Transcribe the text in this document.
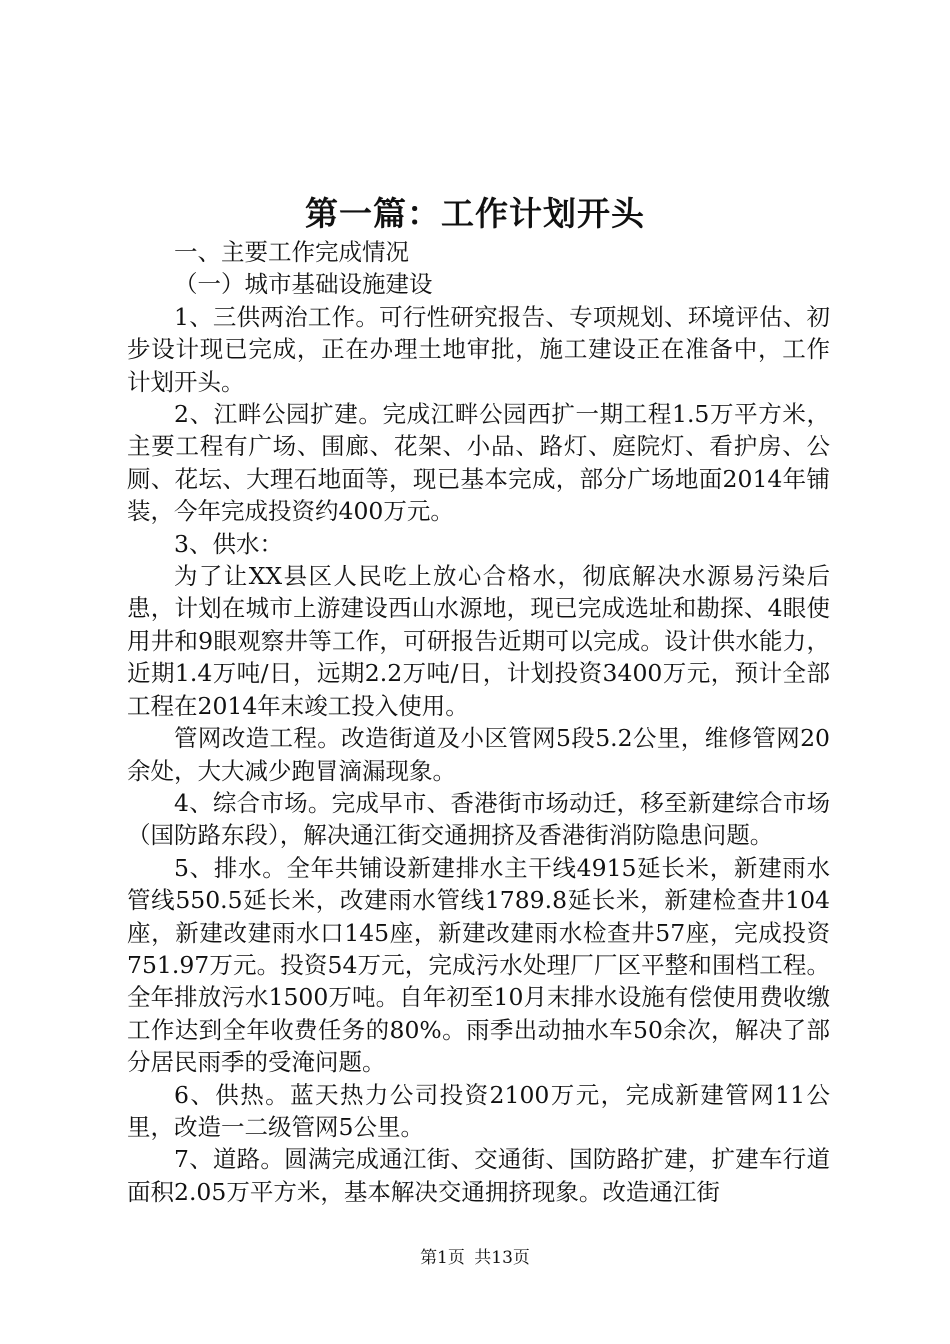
第一篇：工作计划开头

一、主要工作完成情况

（一）城市基础设施建设

1、三供两治工作。可行性研究报告、专项规划、环境评估、初步设计现已完成，正在办理土地审批，施工建设正在准备中，工作计划开头。

2、江畔公园扩建。完成江畔公园西扩一期工程1.5万平方米，主要工程有广场、围廊、花架、小品、路灯、庭院灯、看护房、公厕、花坛、大理石地面等，现已基本完成，部分广场地面2014年铺装，今年完成投资约400万元。

3、供水：

为了让XX县区人民吃上放心合格水，彻底解决水源易污染后患，计划在城市上游建设西山水源地，现已完成选址和勘探、4眼使用井和9眼观察井等工作，可研报告近期可以完成。设计供水能力，近期1.4万吨/日，远期2.2万吨/日，计划投资3400万元，预计全部工程在2014年末竣工投入使用。

管网改造工程。改造街道及小区管网5段5.2公里，维修管网20余处，大大减少跑冒滴漏现象。

4、综合市场。完成早市、香港街市场动迁，移至新建综合市场（国防路东段），解决通江街交通拥挤及香港街消防隐患问题。

5、排水。全年共铺设新建排水主干线4915延长米，新建雨水管线550.5延长米，改建雨水管线1789.8延长米，新建检查井104座，新建改建雨水口145座，新建改建雨水检查井57座，完成投资751.97万元。投资54万元，完成污水处理厂厂区平整和围档工程。全年排放污水1500万吨。自年初至10月末排水设施有偿使用费收缴工作达到全年收费任务的80%。雨季出动抽水车50余次，解决了部分居民雨季的受淹问题。

6、供热。蓝天热力公司投资2100万元，完成新建管网11公里，改造一二级管网5公里。

7、道路。圆满完成通江街、交通街、国防路扩建，扩建车行道面积2.05万平方米，基本解决交通拥挤现象。改造通江街

第1页 共13页
